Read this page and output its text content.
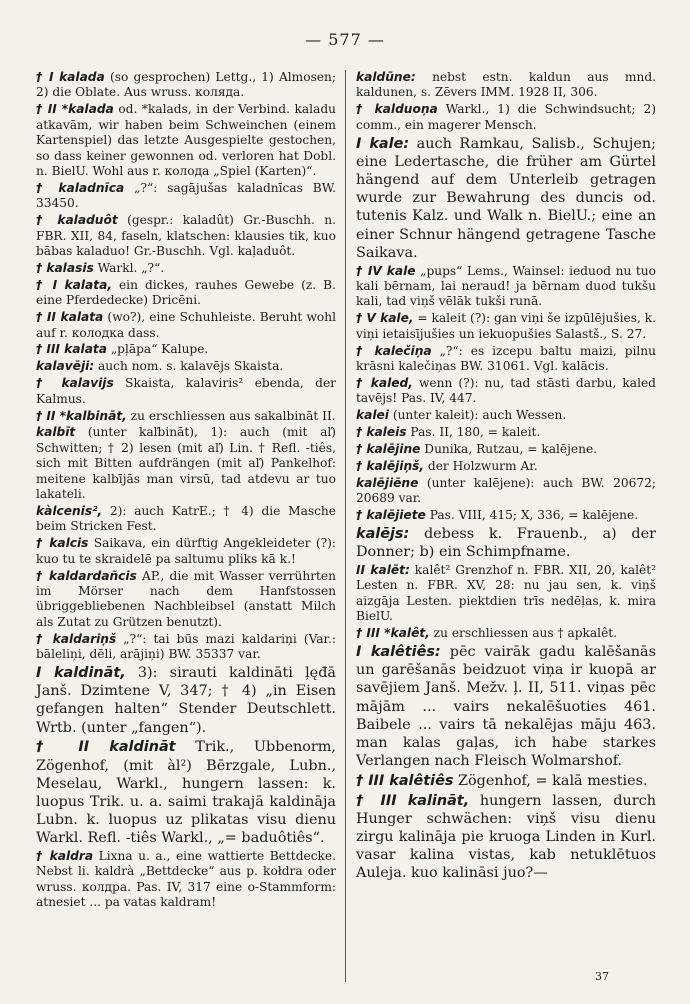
— 577 —

† I kalada (so gesprochen) Lettg., 1) Almosen; 2) die Oblate. Aus wruss. колядa.

† II *kalada od. *kalads, in der Verbind. kaladu atkavām, wir haben beim Schweinchen (einem Kartenspiel) das letzte Ausgespielte gestochen, so dass keiner gewonnen od. verloren hat Dobl. n. BielU. Wohl aus r. колода „Spiel (Karten)“.

† kaladnīca „?“: sagājušas kaladnīcas BW. 33450.

† kaladuôt (gespr.: kaladût) Gr.-Buschh. n. FBR. XII, 84, faseln, klatschen: klausies tik, kuo bābas kaladuo! Gr.-Buschh. Vgl. kaļaduôt.

† kalasis Warkl. „?“.

† I kalata, ein dickes, rauhes Gewebe (z. B. eine Pferdedecke) Dricēni.

† II kalata (wo?), eine Schuhleiste. Beruht wohl auf r. колодка dass.

† III kalata „pļāpa“ Kalupe.

kalavēji: auch nom. s. kalavējs Skaista.

† kalavijs Skaista, kalaviris² ebenda, der Kalmus.

† II *kalbināt, zu erschliessen aus sakalbināt II.

kalbīt (unter kaľbināt), 1): auch (mit aľ) Schwitten; † 2) lesen (mit aľ) Lin. † Refl. -tiês, sich mit Bitten aufdrängen (mit aľ) Pankelhof: meitene kalbījās man virsū, tad atdevu ar tuo lakateli.

kàlcenis², 2): auch KatrE.; † 4) die Masche beim Stricken Fest.

† kalcis Saikava, ein dürftig Angekleideter (?): kuo tu te skraidelē pa saltumu pliks kā k.!

† kaldardañcis AP., die mit Wasser verrührten im Mörser nach dem Hanfstossen übriggebliebenen Nachbleibsel (anstatt Milch als Zutat zu Grützen benutzt).

† kaldariņš „?“: tai būs mazi kaldariņi (Var.: bāleliņi, dēli, arājiņi) BW. 35337 var.

I kaldināt, 3): sirauti kaldināti ļęđā Janš. Dzimtene V, 347; † 4) „in Eisen gefangen halten“ Stender Deutschlett. Wrtb. (unter „fangen“).

† II kaldināt Trik., Ubbenorm, Zögenhof, (mit àl²) Bērzgale, Lubn., Meselau, Warkl., hungern lassen: k. luopus Trik. u. a. saimi trakajā kaldināja Lubn. k. luopus uz plikatas visu dienu Warkl. Refl. -tiês Warkl., „= baduôtiês“.

† kaldra Lixna u. a., eine wattierte Bettdecke. Nebst li. kaldrà „Bettdecke“ aus p. kołdra oder wruss. колдра. Pas. IV, 317 eine o-Stammform: atnesiet ... pa vatas kaldram!

kaldūne: nebst estn. kaldun aus mnd. kaldunen, s. Zēvers IMM. 1928 II, 306.

† kalduoņa Warkl., 1) die Schwindsucht; 2) comm., ein magerer Mensch.

I kale: auch Ramkau, Salisb., Schujen; eine Ledertasche, die früher am Gürtel hängend auf dem Unterleib getragen wurde zur Bewahrung des duncis od. tutenis Kalz. und Walk n. BielU.; eine an einer Schnur hängend getragene Tasche Saikava.

† IV kale „pups“ Lems., Wainsel: ieduod nu tuo kali bērnam, lai neraud! ja bērnam duod tukšu kali, tad viņš vēlāk tukši runā.

† V kale, = kaleit (?): gan viņi še izpūlējušies, k. viņi ietaisījušies un iekuopušies Salastš., S. 27.

† kalečiņa „?“: es izcepu baltu maizi, pilnu krāsni kalečiņas BW. 31061. Vgl. kalācis.

† kaled, wenn (?): nu, tad stāsti darbu, kaled tavējs! Pas. IV, 447.

kalei (unter kaleit): auch Wessen.

† kaleis Pas. II, 180, = kaleit.

† kalējine Dunika, Rutzau, = kalējene.

† kalējiņš, der Holzwurm Ar.

kalējiēne (unter kalējene): auch BW. 20672; 20689 var.

† kalējiete Pas. VIII, 415; X, 336, = kalējene.

kalējs: debess k. Frauenb., a) der Donner; b) ein Schimpfname.

II kalēt: kalêt² Grenzhof n. FBR. XII, 20, kalêt² Lesten n. FBR. XV, 28: nu jau sen, k. viņš aizgāja Lesten. piektdien trīs nedēļas, k. mira BielU.

† III *kalêt, zu erschliessen aus † apkalêt.

I kalêtiês: pēc vairāk gadu kalēšanās un garēšanās beidzuot viņa ir kuopā ar savējiem Janš. Mežv. ļ. II, 511. viņas pēc mājām ... vairs nekalēšuoties 461. Baibele ... vairs tā nekalējas māju 463. man kalas gaļas, ich habe starkes Verlangen nach Fleisch Wolmarshof.

† III kalêtiês Zögenhof, = kalā mesties.

† III kalināt, hungern lassen, durch Hunger schwächen: viņš visu dienu zirgu kalināja pie kruoga Linden in Kurl. vasar kalina vistas, kab netuklētuos Auleja. kuo kalināsi juo?—

37
